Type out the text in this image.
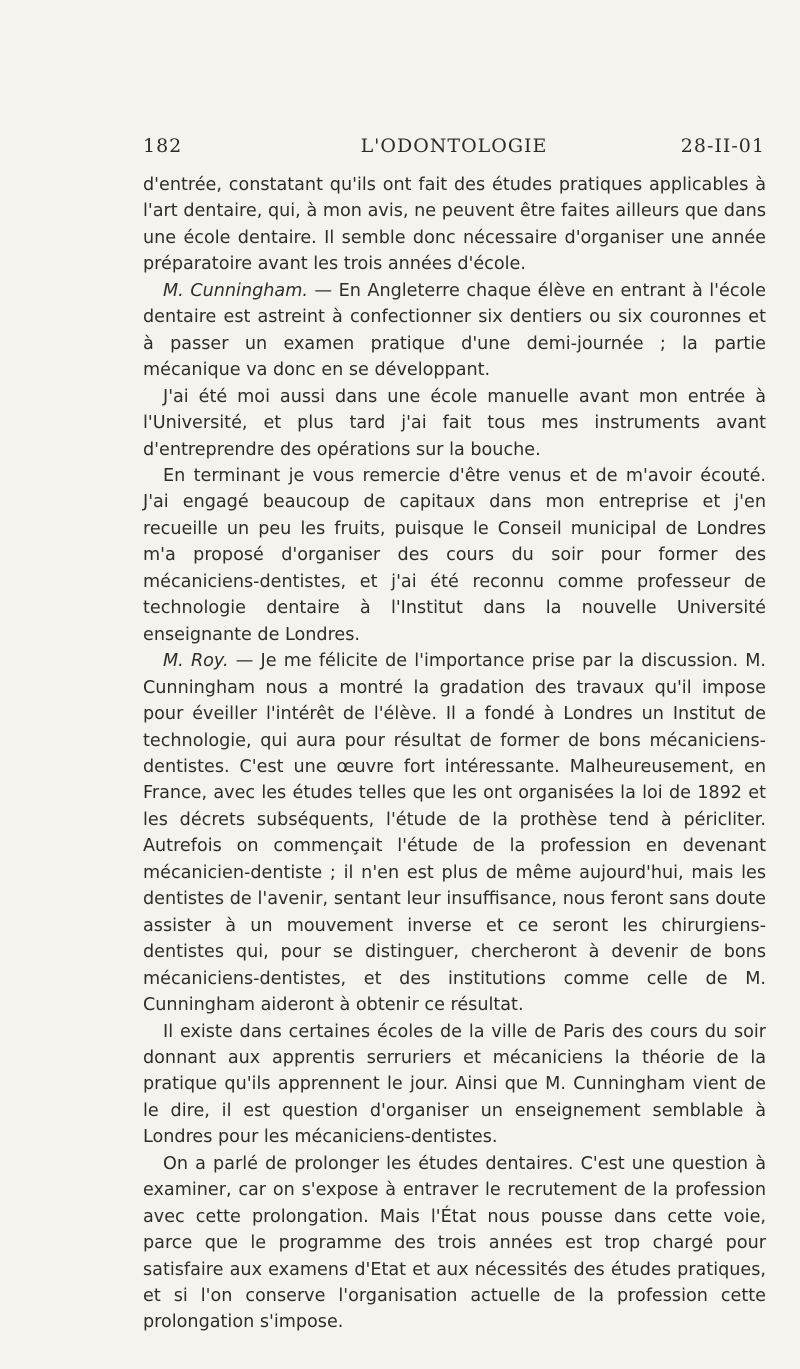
182	L'ODONTOLOGIE	28-II-01

d'entrée, constatant qu'ils ont fait des études pratiques applicables à l'art dentaire, qui, à mon avis, ne peuvent être faites ailleurs que dans une école dentaire. Il semble donc nécessaire d'organiser une année préparatoire avant les trois années d'école.

M. Cunningham. — En Angleterre chaque élève en entrant à l'école dentaire est astreint à confectionner six dentiers ou six couronnes et à passer un examen pratique d'une demi-journée ; la partie mécanique va donc en se développant.

J'ai été moi aussi dans une école manuelle avant mon entrée à l'Université, et plus tard j'ai fait tous mes instruments avant d'entreprendre des opérations sur la bouche.

En terminant je vous remercie d'être venus et de m'avoir écouté. J'ai engagé beaucoup de capitaux dans mon entreprise et j'en recueille un peu les fruits, puisque le Conseil municipal de Londres m'a proposé d'organiser des cours du soir pour former des mécaniciens-dentistes, et j'ai été reconnu comme professeur de technologie dentaire à l'Institut dans la nouvelle Université enseignante de Londres.

M. Roy. — Je me félicite de l'importance prise par la discussion. M. Cunningham nous a montré la gradation des travaux qu'il impose pour éveiller l'intérêt de l'élève. Il a fondé à Londres un Institut de technologie, qui aura pour résultat de former de bons mécaniciens-dentistes. C'est une œuvre fort intéressante. Malheureusement, en France, avec les études telles que les ont organisées la loi de 1892 et les décrets subséquents, l'étude de la prothèse tend à péricliter. Autrefois on commençait l'étude de la profession en devenant mécanicien-dentiste ; il n'en est plus de même aujourd'hui, mais les dentistes de l'avenir, sentant leur insuffisance, nous feront sans doute assister à un mouvement inverse et ce seront les chirurgiens-dentistes qui, pour se distinguer, chercheront à devenir de bons mécaniciens-dentistes, et des institutions comme celle de M. Cunningham aideront à obtenir ce résultat.

Il existe dans certaines écoles de la ville de Paris des cours du soir donnant aux apprentis serruriers et mécaniciens la théorie de la pratique qu'ils apprennent le jour. Ainsi que M. Cunningham vient de le dire, il est question d'organiser un enseignement semblable à Londres pour les mécaniciens-dentistes.

On a parlé de prolonger les études dentaires. C'est une question à examiner, car on s'expose à entraver le recrutement de la profession avec cette prolongation. Mais l'État nous pousse dans cette voie, parce que le programme des trois années est trop chargé pour satisfaire aux examens d'Etat et aux nécessités des études pratiques, et si l'on conserve l'organisation actuelle de la profession cette prolongation s'impose.
